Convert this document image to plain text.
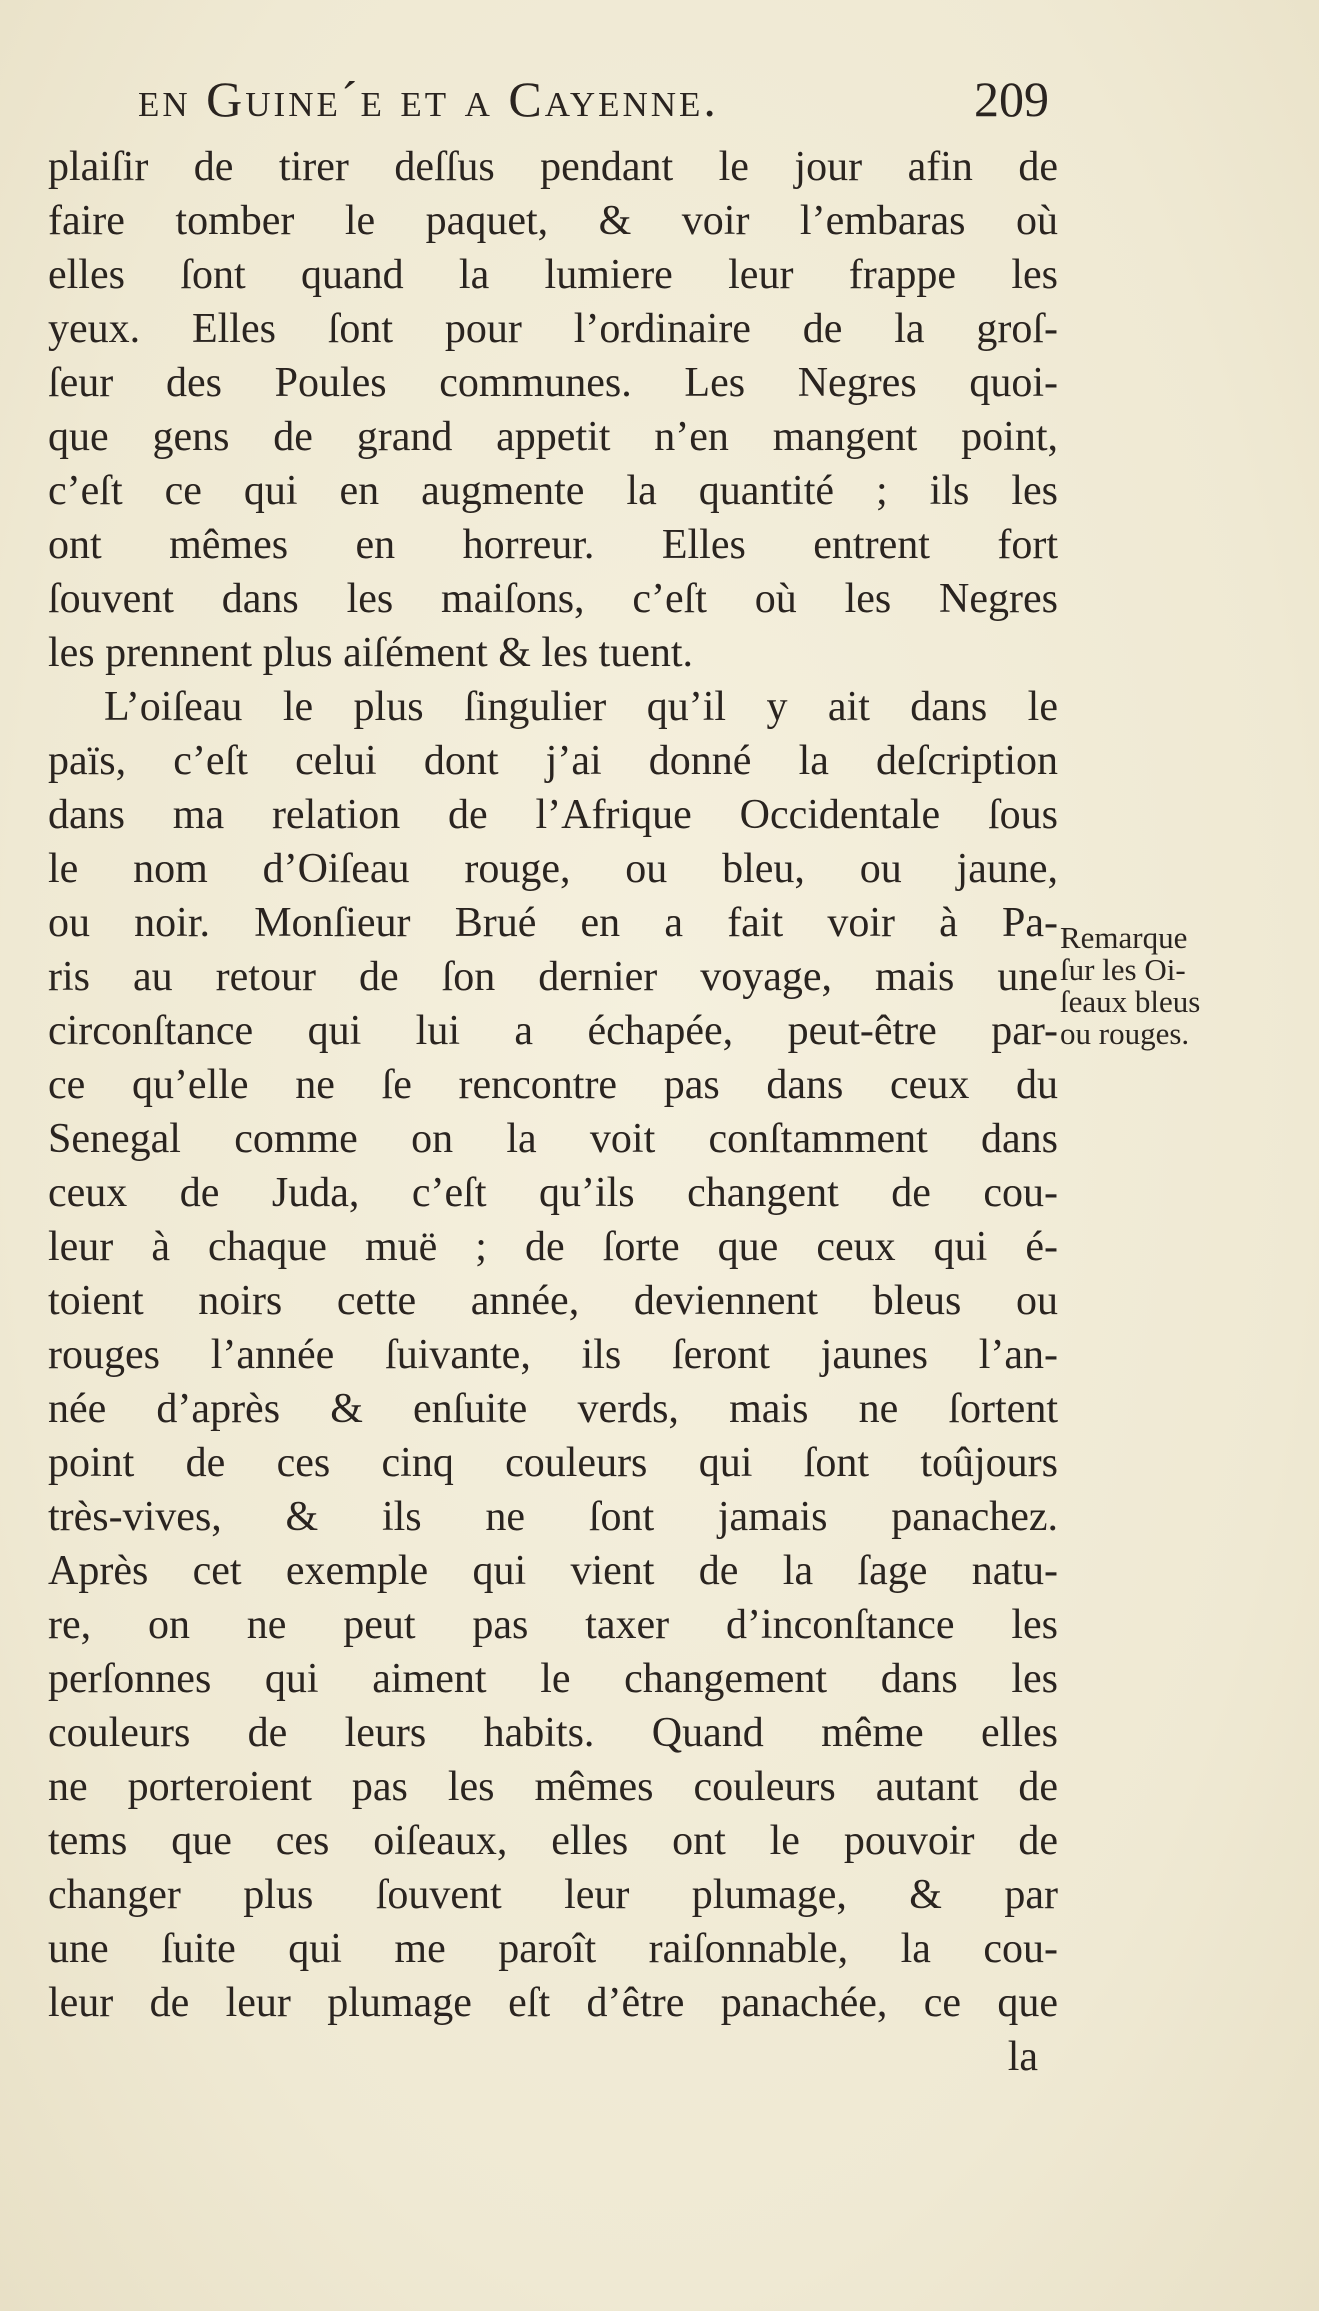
en Guine´e et a Cayenne.	209
plaiſir de tirer deſſus pendant le jour afin de
faire tomber le paquet, & voir l’embaras où
elles ſont quand la lumiere leur frappe les
yeux. Elles ſont pour l’ordinaire de la groſ-
ſeur des Poules communes. Les Negres quoi-
que gens de grand appetit n’en mangent point,
c’eſt ce qui en augmente la quantité ; ils les
ont mêmes en horreur. Elles entrent fort
ſouvent dans les maiſons, c’eſt où les Negres
les prennent plus aiſément & les tuent.
L’oiſeau le plus ſingulier qu’il y ait dans le
païs, c’eſt celui dont j’ai donné la deſcription
dans ma relation de l’Afrique Occidentale ſous
le nom d’Oiſeau rouge, ou bleu, ou jaune,
ou noir. Monſieur Brué en a fait voir à Pa-
ris au retour de ſon dernier voyage, mais une
circonſtance qui lui a échapée, peut-être par-
ce qu’elle ne ſe rencontre pas dans ceux du
Senegal comme on la voit conſtamment dans
ceux de Juda, c’eſt qu’ils changent de cou-
leur à chaque muë ; de ſorte que ceux qui é-
toient noirs cette année, deviennent bleus ou
rouges l’année ſuivante, ils ſeront jaunes l’an-
née d’après & enſuite verds, mais ne ſortent
point de ces cinq couleurs qui ſont toûjours
très-vives, & ils ne ſont jamais panachez.
Après cet exemple qui vient de la ſage natu-
re, on ne peut pas taxer d’inconſtance les
perſonnes qui aiment le changement dans les
couleurs de leurs habits. Quand même elles
ne porteroient pas les mêmes couleurs autant de
tems que ces oiſeaux, elles ont le pouvoir de
changer plus ſouvent leur plumage, & par
une ſuite qui me paroît raiſonnable, la cou-
leur de leur plumage eſt d’être panachée, ce que
la
Remarque
ſur les Oi-
ſeaux bleus
ou rouges.
